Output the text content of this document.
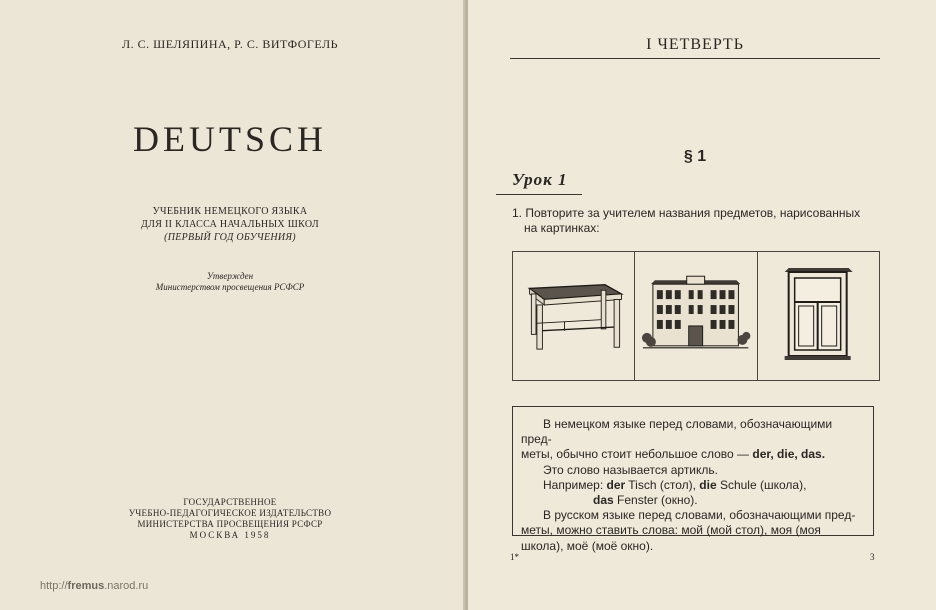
Л. С. ШЕЛЯПИНА, Р. С. ВИТФОГЕЛЬ
DEUTSCH
УЧЕБНИК НЕМЕЦКОГО ЯЗЫКА
ДЛЯ II КЛАССА НАЧАЛЬНЫХ ШКОЛ
(ПЕРВЫЙ ГОД ОБУЧЕНИЯ)
Утвержден
Министерством просвещения РСФСР
ГОСУДАРСТВЕННОЕ
УЧЕБНО-ПЕДАГОГИЧЕСКОЕ ИЗДАТЕЛЬСТВО
МИНИСТЕРСТВА ПРОСВЕЩЕНИЯ РСФСР
МОСКВА 1958
http://fremus.narod.ru
I ЧЕТВЕРТЬ
§ 1
Урок 1
1. Повторите за учителем названия предметов, нарисованных
на картинках:

В немецком языке перед словами, обозначающими пред-

меты, обычно стоит небольшое слово — der, die, das.

Это слово называется артикль.

Например: der Tisch (стол), die Schule (школа),

das Fenster (окно).

В русском языке перед словами, обозначающими пред-

меты, можно ставить слова: мой (мой стол), моя (моя

школа), моё (моё окно).

1*	3
